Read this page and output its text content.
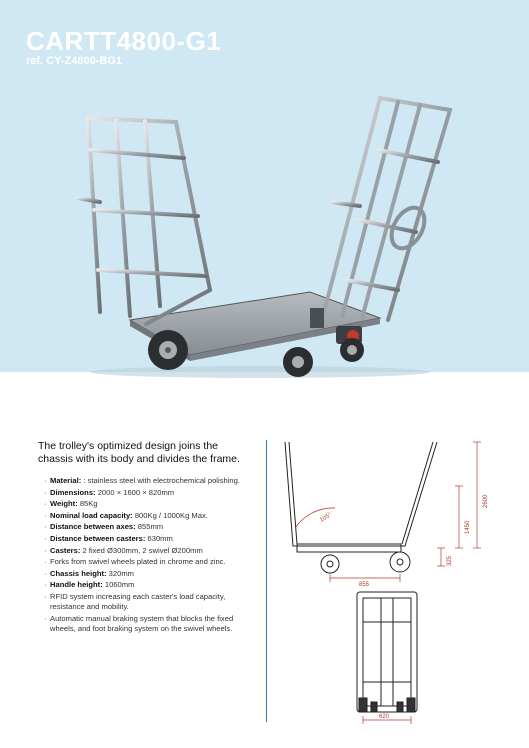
CARTT4800-G1
ref. CY-Z4800-BG1
The trolley's optimized design joins the chassis with its body and divides the frame.
· Material: : stainless steel with electrochemical polishing.
· Dimensions: 2000 × 1600 × 820mm
· Weight: 85Kg
· Nominal load capacity: 800Kg / 1000Kg Max.
· Distance between axes: 855mm
· Distance between casters: 630mm
· Casters: 2 fixed Ø300mm, 2 swivel Ø200mm
· Forks from swivel wheels plated in chrome and zinc.
· Chassis height: 320mm
· Handle height: 1060mm
· RFID system increasing each caster's load capacity, resistance and mobility.
· Automatic manual braking system that blocks the fixed wheels, and foot braking system on the swivel wheels.
105°
2600
1450
325
855
620
